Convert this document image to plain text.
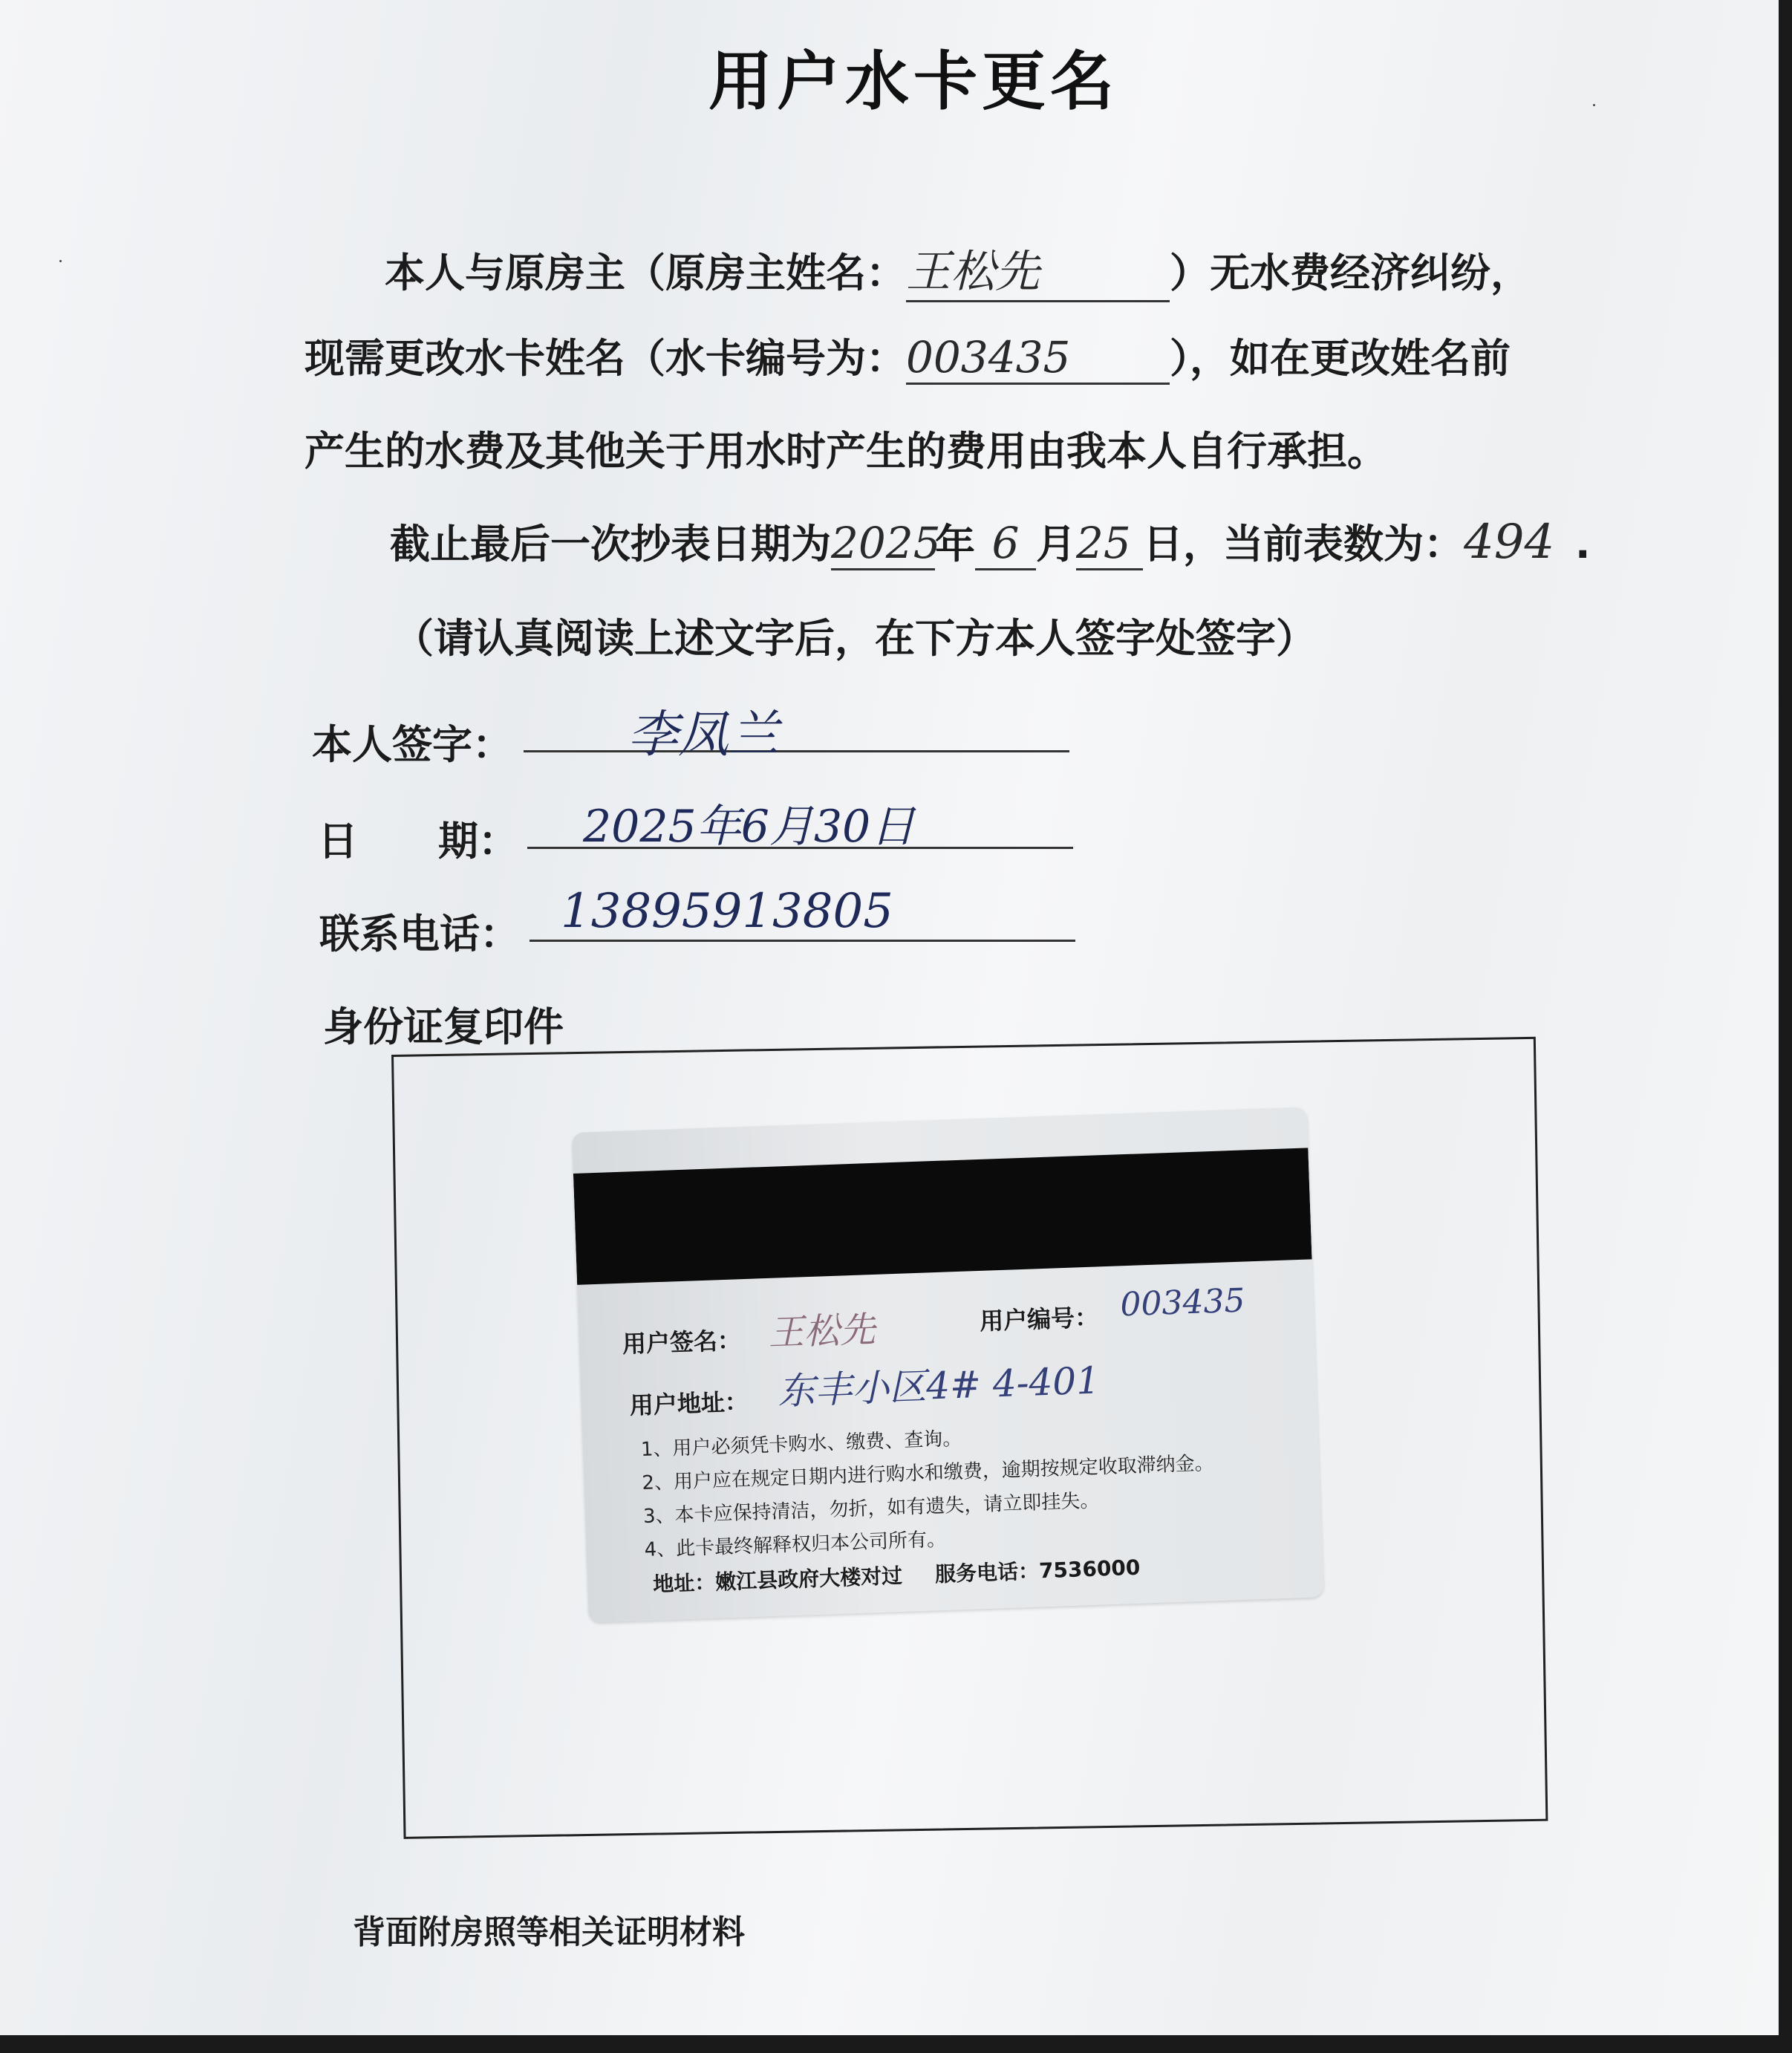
用户水卡更名
本人与原房主（原房主姓名：王松先	）无水费经济纠纷，
现需更改水卡姓名（水卡编号为：003435 ），如在更改姓名前
产生的水费及其他关于用水时产生的费用由我本人自行承担。
截止最后一次抄表日期为2025年 6 月25 日，当前表数为：494 .
（请认真阅读上述文字后，在下方本人签字处签字）
本人签字： 李凤兰
日　　期： 2025年6月30日
联系电话： 13895913805
身份证复印件
用户签名： 王松先	用户编号： 003435
用户地址： 东丰小区4# 4-401
1、用户必须凭卡购水、缴费、查询。
2、用户应在规定日期内进行购水和缴费，逾期按规定收取滞纳金。
3、本卡应保持清洁，勿折，如有遗失，请立即挂失。
4、此卡最终解释权归本公司所有。
地址：嫩江县政府大楼对过 服务电话：7536000
背面附房照等相关证明材料
